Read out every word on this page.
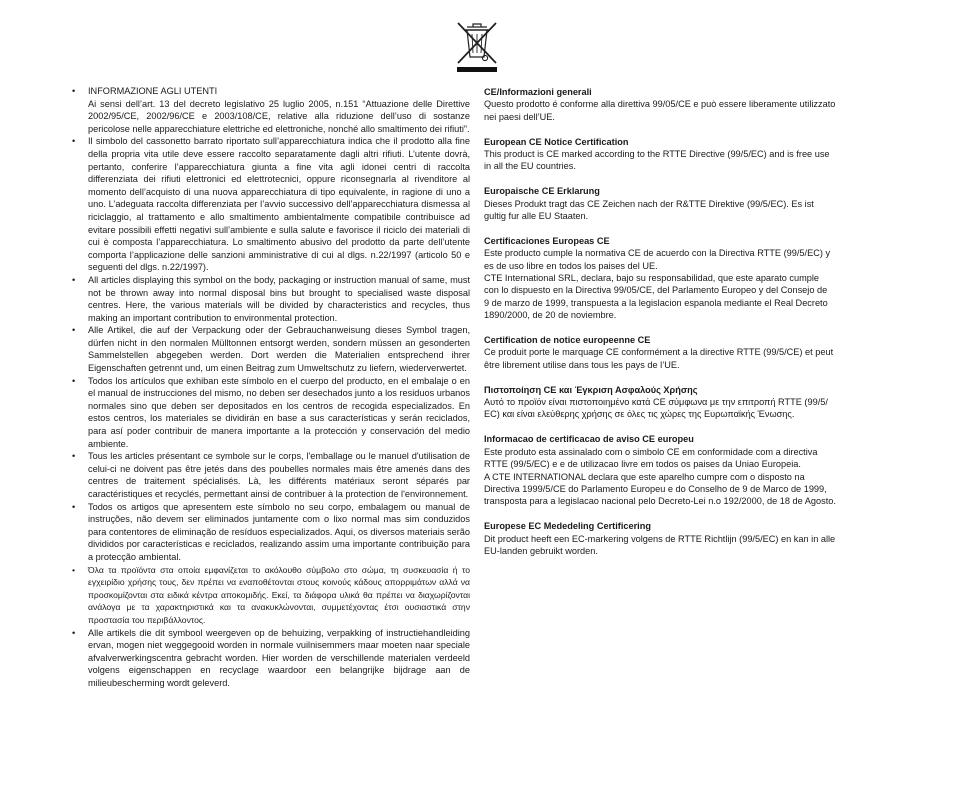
• INFORMAZIONE AGLI UTENTI
Ai sensi dell’art. 13 del decreto legislativo 25 luglio 2005, n.151 “Attuazione delle Direttive 2002/95/CE, 2002/96/CE e 2003/108/CE, relative alla riduzione dell’uso di sostanze pericolose nelle apparecchiature elettriche ed elettroniche, nonché allo smaltimento dei rifiuti”.
• Il simbolo del cassonetto barrato riportato sull’apparecchiatura indica che il prodotto alla fine della propria vita utile deve essere raccolto separatamente dagli altri rifiuti. L’utente dovrà, pertanto, conferire l’apparecchiatura giunta a fine vita agli idonei centri di raccolta differenziata dei rifiuti elettronici ed elettrotecnici, oppure riconsegnarla al rivenditore al momento dell’acquisto di una nuova apparecchiatura di tipo equivalente, in ragione di uno a uno. L’adeguata raccolta differenziata per l’avvio successivo dell’apparecchiatura dismessa al riciclaggio, al trattamento e allo smaltimento ambientalmente compatibile contribuisce ad evitare possibili effetti negativi sull’ambiente e sulla salute e favorisce il riciclo dei materiali di cui è composta l’apparecchiatura. Lo smaltimento abusivo del prodotto da parte dell’utente comporta l’applicazione delle sanzioni amministrative di cui al dlgs. n.22/1997 (articolo 50 e seguenti del dlgs. n.22/1997).
• All articles displaying this symbol on the body, packaging or instruction manual of same, must not be thrown away into normal disposal bins but brought to specialised waste disposal centres. Here, the various materials will be divided by characteristics and recycles, thus making an important contribution to environmental protection.
• Alle Artikel, die auf der Verpackung oder der Gebrauchanweisung dieses Symbol tragen, dürfen nicht in den normalen Mülltonnen entsorgt werden, sondern müssen an gesonderten Sammelstellen abgegeben werden. Dort werden die Materialien entsprechend ihrer Eigenschaften getrennt und, um einen Beitrag zum Umweltschutz zu liefern, wiederverwertet.
• Todos los artículos que exhiban este símbolo en el cuerpo del producto, en el embalaje o en el manual de instrucciones del mismo, no deben ser desechados junto a los residuos urbanos normales sino que deben ser depositados en los centros de recogida especializados. En estos centros, los materiales se dividirán en base a sus características y serán reciclados, para así poder contribuir de manera importante a la protección y conservación del medio ambiente.
• Tous les articles présentant ce symbole sur le corps, l'emballage ou le manuel d'utilisation de celui-ci ne doivent pas être jetés dans des poubelles normales mais être amenés dans des centres de traitement spécialisés. Là, les différents matériaux seront séparés par caractéristiques et recyclés, permettant ainsi de contribuer à la protection de l'environnement.
• Todos os artigos que apresentem este símbolo no seu corpo, embalagem ou manual de instruções, não devem ser eliminados juntamente com o lixo normal mas sim conduzidos para contentores de eliminação de resíduos especializados. Aqui, os diversos materiais serão divididos por características e reciclados, realizando assim uma importante contribuição para a protecção ambiental.
• Όλα τα προϊόντα στα οποία εμφανίζεται το ακόλουθο σύμβολο στο σώμα, τη συσκευασία ή το εγχειρίδιο χρήσης τους, δεν πρέπει να εναποθέτονται στους κοινούς κάδους απορριμάτων αλλά να προσκομίζονται στα ειδικά κέντρα αποκομιδής. Εκεί, τα διάφορα υλικά θα πρέπει να διαχωρίζονται ανάλογα με τα χαρακτηριστικά και τα ανακυκλώνονται, συμμετέχοντας έτσι ουσιαστικά στην προστασία του περιβάλλοντος.
• Alle artikels die dit symbool weergeven op de behuizing, verpakking of instructiehandleiding ervan, mogen niet weggegooid worden in normale vuilnisemmers maar moeten naar speciale afvalverwerkingscentra gebracht worden. Hier worden de verschillende materialen verdeeld volgens eigenschappen en recyclage waardoor een belangrijke bijdrage aan de milieubescherming wordt geleverd.
CE/Informazioni generali
Questo prodotto é conforme alla direttiva 99/05/CE e può essere liberamente utilizzato
nei paesi dell’UE.
European CE Notice Certification
This product is CE marked according to the RTTE Directive (99/5/EC) and is free use
in all the EU countries.
Europaische CE Erklarung
Dieses Produkt tragt das CE Zeichen nach der R&TTE Direktive (99/5/EC). Es ist
gultig fur alle EU Staaten.
Certificaciones Europeas CE
Este producto cumple la normativa CE de acuerdo con la Directiva RTTE (99/5/EC) y
es de uso libre en todos los paises del UE.
CTE International SRL, declara, bajo su responsabilidad, que este aparato cumple
con lo dispuesto en la Directiva 99/05/CE, del Parlamento Europeo y del Consejo de
9 de marzo de 1999, transpuesta a la legislacion espanola mediante el Real Decreto
1890/2000, de 20 de noviembre.
Certification de notice europeenne CE
Ce produit porte le marquage CE conformément a la directive RTTE (99/5/CE) et peut
être librement utilise dans tous les pays de l’UE.
Πιστοποίηση CE και Έγκριση Ασφαλούς Χρήσης
Αυτό το προϊόν είναι πιστοποιημένο κατά CE σύμφωνα με την επιτροπή RTTE (99/5/
EC) και είναι ελεύθερης χρήσης σε όλες τις χώρες της Ευρωπαϊκής Ένωσης.
Informacao de certificacao de aviso CE europeu
Este produto esta assinalado com o simbolo CE em conformidade com a directiva
RTTE (99/5/EC) e e de utilizacao livre em todos os paises da Uniao Europeia.
A CTE INTERNATIONAL declara que este aparelho cumpre com o disposto na
Directiva 1999/5/CE do Parlamento Europeu e do Conselho de 9 de Marco de 1999,
transposta para a legislacao nacional pelo Decreto-Lei n.o 192/2000, de 18 de Agosto.
Europese EC Mededeling Certificering
Dit product heeft een EC-markering volgens de RTTE Richtlijn (99/5/EC) en kan in alle
EU-landen gebruikt worden.
